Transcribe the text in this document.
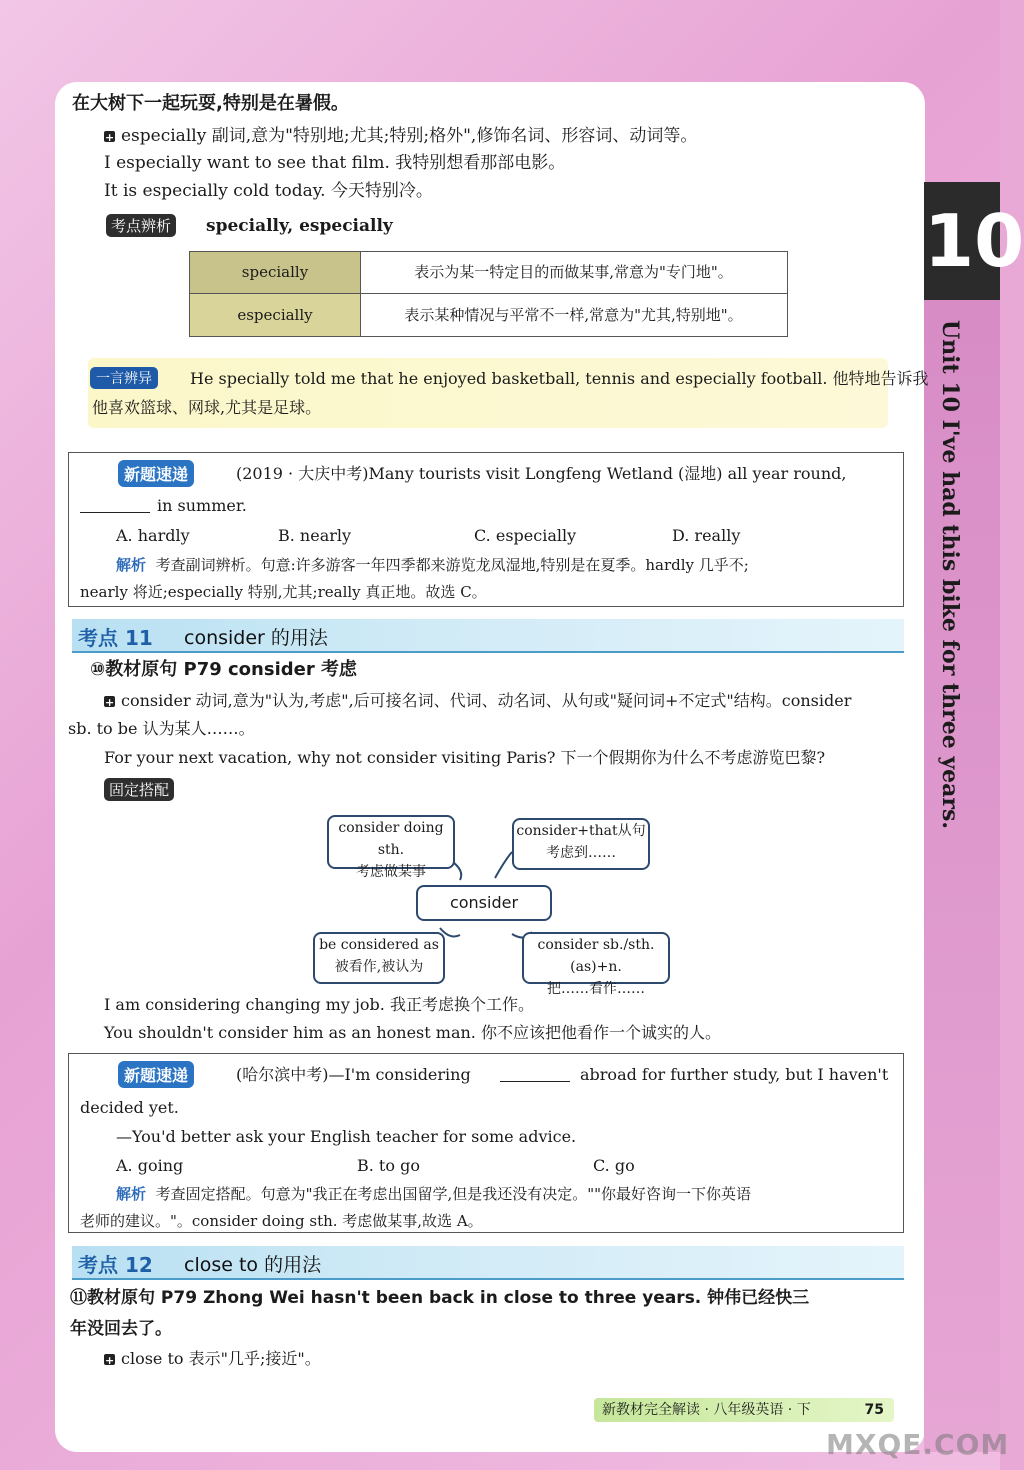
10
Unit 10 I've had this bike for three years.
在大树下一起玩耍,特别是在暑假。
+especially 副词,意为"特别地;尤其;特别;格外",修饰名词、形容词、动词等。
I especially want to see that film. 我特别想看那部电影。
It is especially cold today. 今天特别冷。
考点辨析 specially, especially
specially	表示为某一特定目的而做某事,常意为"专门地"。
especially	表示某种情况与平常不一样,常意为"尤其,特别地"。
一言辨异	He specially told me that he enjoyed basketball, tennis and especially football. 他特地告诉我
他喜欢篮球、网球,尤其是足球。
新题速递	(2019 · 大庆中考)Many tourists visit Longfeng Wetland (湿地) all year round,
in summer.
A. hardly	B. nearly	C. especially	D. really
解析 考查副词辨析。句意:许多游客一年四季都来游览龙凤湿地,特别是在夏季。hardly 几乎不;
nearly 将近;especially 特别,尤其;really 真正地。故选 C。
考点 11 consider 的用法
⑩教材原句 P79 consider 考虑
+consider 动词,意为"认为,考虑",后可接名词、代词、动名词、从句或"疑问词+不定式"结构。consider
sb. to be 认为某人……。
For your next vacation, why not consider visiting Paris? 下一个假期你为什么不考虑游览巴黎?
固定搭配
consider doing sth.
考虑做某事
consider+that从句
考虑到……
consider
be considered as
被看作,被认为
consider sb./sth.(as)+n.
把……看作……
I am considering changing my job. 我正考虑换个工作。
You shouldn't consider him as an honest man. 你不应该把他看作一个诚实的人。
新题速递	(哈尔滨中考)—I'm considering	abroad for further study, but I haven't
decided yet.
—You'd better ask your English teacher for some advice.
A. going	B. to go	C. go
解析 考查固定搭配。句意为"我正在考虑出国留学,但是我还没有决定。""你最好咨询一下你英语
老师的建议。"。consider doing sth. 考虑做某事,故选 A。
考点 12 close to 的用法
⑪教材原句 P79 Zhong Wei hasn't been back in close to three years. 钟伟已经快三
年没回去了。
+close to 表示"几乎;接近"。
新教材完全解读 · 八年级英语 · 下	75
MXQE.COM
